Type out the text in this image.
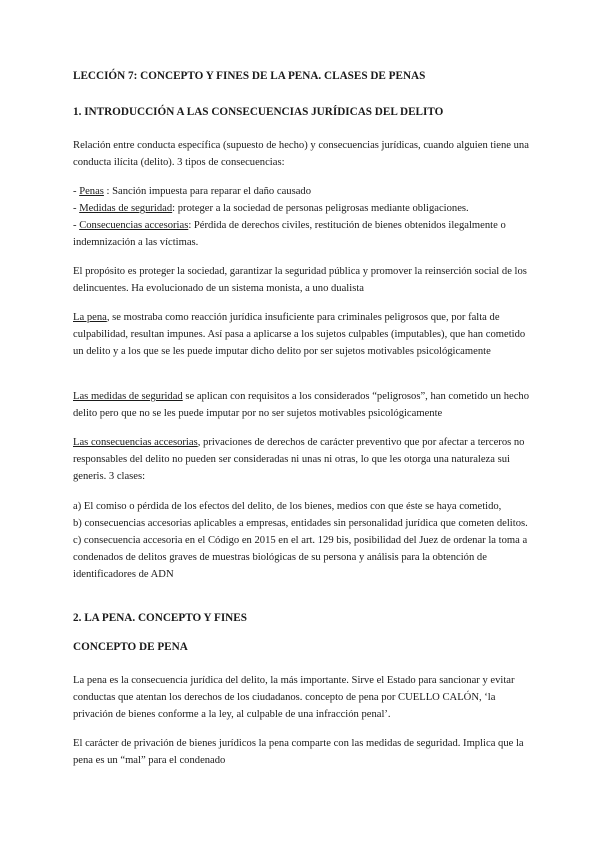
LECCIÓN 7: CONCEPTO Y FINES DE LA PENA. CLASES DE PENAS
1. INTRODUCCIÓN A LAS CONSECUENCIAS JURÍDICAS DEL DELITO

Relación entre conducta específica (supuesto de hecho) y consecuencias jurídicas, cuando alguien tiene una conducta ilícita (delito). 3 tipos de consecuencias:

- Penas : Sanción impuesta para reparar el daño causado
- Medidas de seguridad: proteger a la sociedad de personas peligrosas mediante obligaciones.
- Consecuencias accesorias: Pérdida de derechos civiles, restitución de bienes obtenidos ilegalmente o indemnización a las víctimas.

El propósito es proteger la sociedad, garantizar la seguridad pública y promover la reinserción social de los delincuentes. Ha evolucionado de un sistema monista, a uno dualista

La pena, se mostraba como reacción jurídica insuficiente para criminales peligrosos que, por falta de culpabilidad, resultan impunes. Así pasa a aplicarse a los sujetos culpables (imputables), que han cometido un delito y a los que se les puede imputar dicho delito por ser sujetos motivables psicológicamente

Las medidas de seguridad se aplican con requisitos a los considerados “peligrosos”, han cometido un hecho delito pero que no se les puede imputar por no ser sujetos motivables psicológicamente

Las consecuencias accesorias, privaciones de derechos de carácter preventivo que por afectar a terceros no responsables del delito no pueden ser consideradas ni unas ni otras, lo que les otorga una naturaleza sui generis. 3 clases:

a) El comiso o pérdida de los efectos del delito, de los bienes, medios con que éste se haya cometido,
b) consecuencias accesorias aplicables a empresas, entidades sin personalidad jurídica que cometen delitos.
c) consecuencia accesoria en el Código en 2015 en el art. 129 bis, posibilidad del Juez de ordenar la toma a condenados de delitos graves de muestras biológicas de su persona y análisis para la obtención de identificadores de ADN
2. LA PENA. CONCEPTO Y FINES
CONCEPTO DE PENA

La pena es la consecuencia jurídica del delito, la más importante. Sirve el Estado para sancionar y evitar conductas que atentan los derechos de los ciudadanos. concepto de pena por CUELLO CALÓN, ‘la privación de bienes conforme a la ley, al culpable de una infracción penal’.

El carácter de privación de bienes jurídicos la pena comparte con las medidas de seguridad. Implica que la pena es un “mal” para el condenado
